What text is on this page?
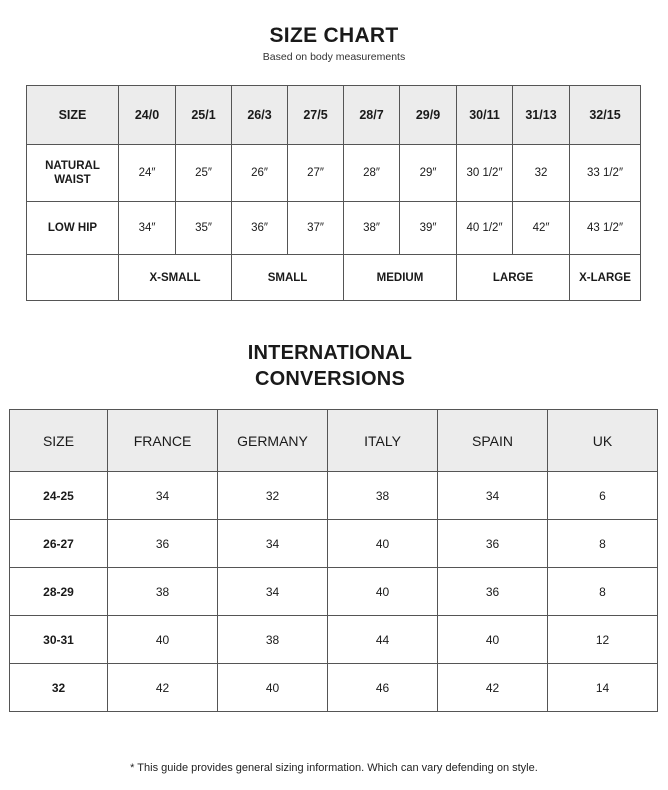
SIZE CHART
Based on body measurements
SIZE	24/0	25/1	26/3	27/5	28/7	29/9	30/11	31/13	32/15
NATURAL
WAIST	24″	25″	26″	27″	28″	29″	30 1/2″	32	33 1/2″
LOW HIP	34″	35″	36″	37″	38″	39″	40 1/2″	42″	43 1/2″
	X-SMALL		SMALL		MEDIUM		LARGE		X-LARGE
INTERNATIONAL
CONVERSIONS
SIZE	FRANCE	GERMANY	ITALY	SPAIN	UK
24-25	34	32	38	34	6
26-27	36	34	40	36	8
28-29	38	34	40	36	8
30-31	40	38	44	40	12
32	42	40	46	42	14
* This guide provides general sizing information. Which can vary defending on style.
